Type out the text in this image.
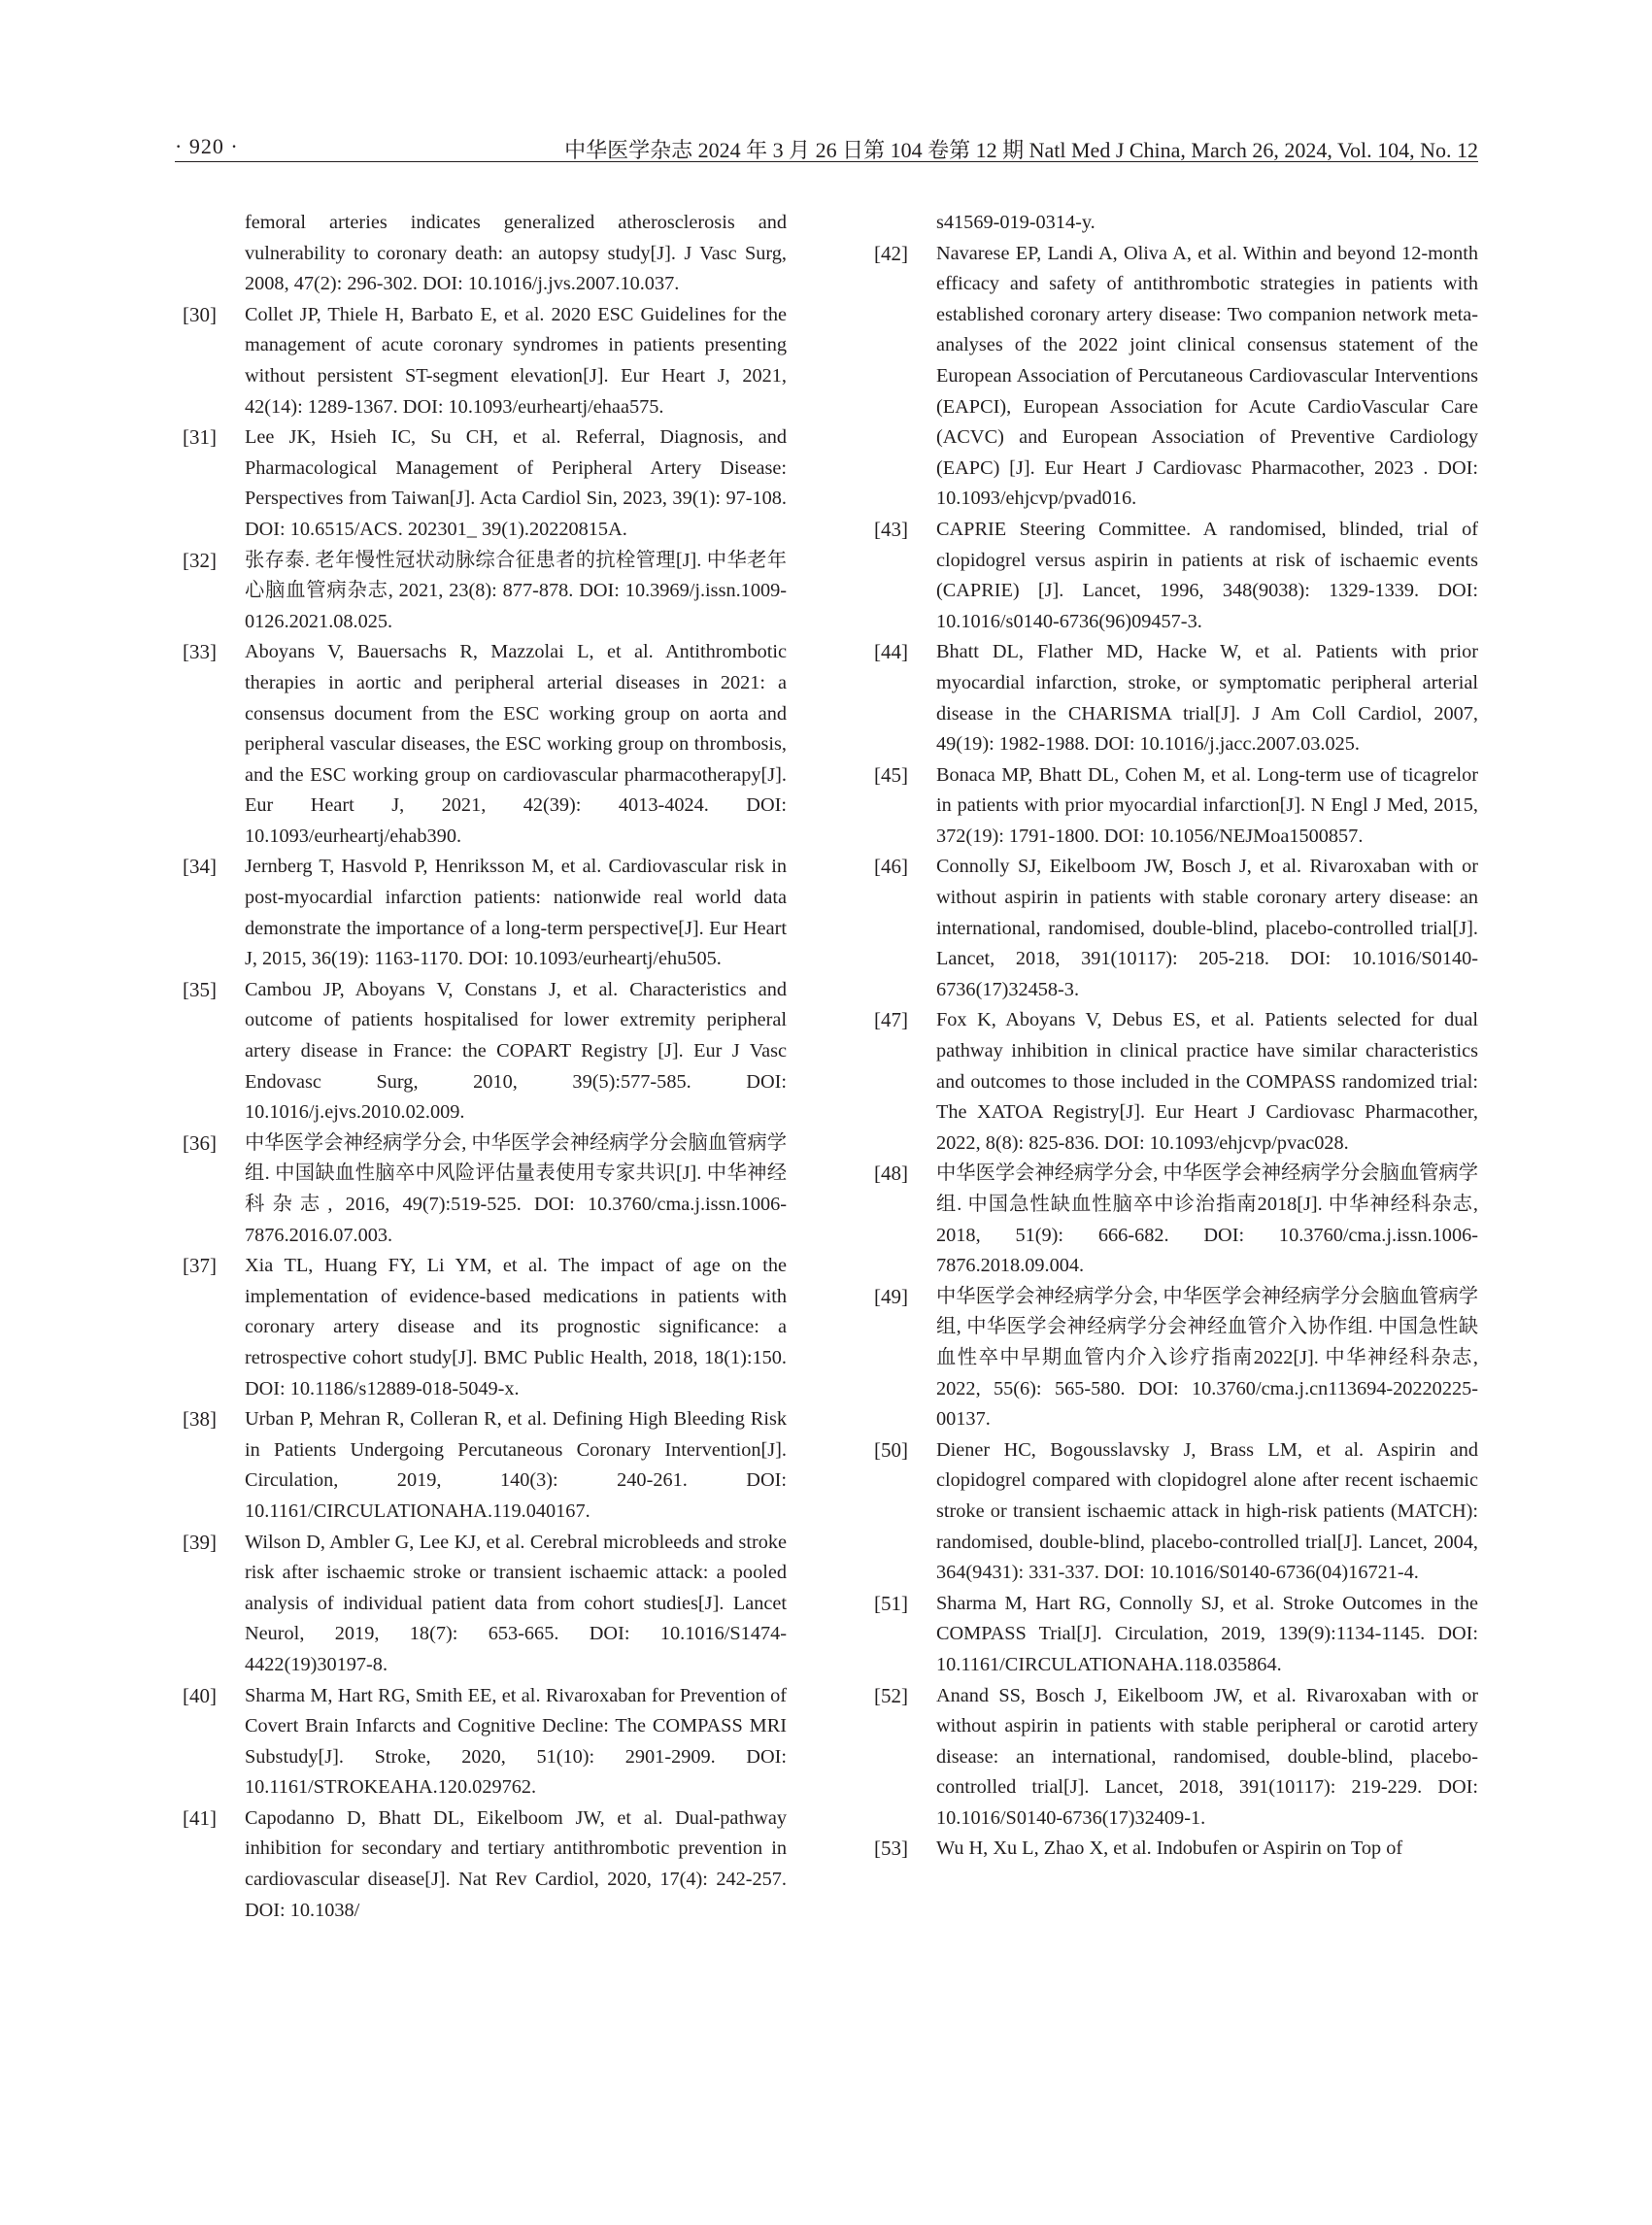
· 920 ·	中华医学杂志 2024 年 3 月 26 日第 104 卷第 12 期 Natl Med J China, March 26, 2024, Vol. 104, No. 12
femoral arteries indicates generalized atherosclerosis and vulnerability to coronary death: an autopsy study[J]. J Vasc Surg, 2008, 47(2): 296-302. DOI: 10.1016/j.jvs.2007.10.037.
[30] Collet JP, Thiele H, Barbato E, et al. 2020 ESC Guidelines for the management of acute coronary syndromes in patients presenting without persistent ST-segment elevation[J]. Eur Heart J, 2021, 42(14): 1289-1367. DOI: 10.1093/eurheartj/ehaa575.
[31] Lee JK, Hsieh IC, Su CH, et al. Referral, Diagnosis, and Pharmacological Management of Peripheral Artery Disease: Perspectives from Taiwan[J]. Acta Cardiol Sin, 2023, 39(1): 97-108. DOI: 10.6515/ACS. 202301_ 39(1).20220815A.
[32] 张存泰. 老年慢性冠状动脉综合征患者的抗栓管理[J]. 中华老年心脑血管病杂志, 2021, 23(8): 877-878. DOI: 10.3969/j.issn.1009-0126.2021.08.025.
[33] Aboyans V, Bauersachs R, Mazzolai L, et al. Antithrombotic therapies in aortic and peripheral arterial diseases in 2021: a consensus document from the ESC working group on aorta and peripheral vascular diseases, the ESC working group on thrombosis, and the ESC working group on cardiovascular pharmacotherapy[J]. Eur Heart J, 2021, 42(39): 4013-4024. DOI: 10.1093/eurheartj/ehab390.
[34] Jernberg T, Hasvold P, Henriksson M, et al. Cardiovascular risk in post-myocardial infarction patients: nationwide real world data demonstrate the importance of a long-term perspective[J]. Eur Heart J, 2015, 36(19): 1163-1170. DOI: 10.1093/eurheartj/ehu505.
[35] Cambou JP, Aboyans V, Constans J, et al. Characteristics and outcome of patients hospitalised for lower extremity peripheral artery disease in France: the COPART Registry [J]. Eur J Vasc Endovasc Surg, 2010, 39(5):577-585. DOI: 10.1016/j.ejvs.2010.02.009.
[36] 中华医学会神经病学分会, 中华医学会神经病学分会脑血管病学组. 中国缺血性脑卒中风险评估量表使用专家共识[J]. 中华神经科杂志, 2016, 49(7):519-525. DOI: 10.3760/cma.j.issn.1006-7876.2016.07.003.
[37] Xia TL, Huang FY, Li YM, et al. The impact of age on the implementation of evidence-based medications in patients with coronary artery disease and its prognostic significance: a retrospective cohort study[J]. BMC Public Health, 2018, 18(1):150. DOI: 10.1186/s12889-018-5049-x.
[38] Urban P, Mehran R, Colleran R, et al. Defining High Bleeding Risk in Patients Undergoing Percutaneous Coronary Intervention[J]. Circulation, 2019, 140(3): 240-261. DOI: 10.1161/CIRCULATIONAHA.119.040167.
[39] Wilson D, Ambler G, Lee KJ, et al. Cerebral microbleeds and stroke risk after ischaemic stroke or transient ischaemic attack: a pooled analysis of individual patient data from cohort studies[J]. Lancet Neurol, 2019, 18(7): 653-665. DOI: 10.1016/S1474-4422(19)30197-8.
[40] Sharma M, Hart RG, Smith EE, et al. Rivaroxaban for Prevention of Covert Brain Infarcts and Cognitive Decline: The COMPASS MRI Substudy[J]. Stroke, 2020, 51(10): 2901-2909. DOI: 10.1161/STROKEAHA.120.029762.
[41] Capodanno D, Bhatt DL, Eikelboom JW, et al. Dual-pathway inhibition for secondary and tertiary antithrombotic prevention in cardiovascular disease[J]. Nat Rev Cardiol, 2020, 17(4): 242-257. DOI: 10.1038/
s41569-019-0314-y.
[42] Navarese EP, Landi A, Oliva A, et al. Within and beyond 12-month efficacy and safety of antithrombotic strategies in patients with established coronary artery disease: Two companion network meta-analyses of the 2022 joint clinical consensus statement of the European Association of Percutaneous Cardiovascular Interventions (EAPCI), European Association for Acute CardioVascular Care (ACVC) and European Association of Preventive Cardiology (EAPC) [J]. Eur Heart J Cardiovasc Pharmacother, 2023 . DOI: 10.1093/ehjcvp/pvad016.
[43] CAPRIE Steering Committee. A randomised, blinded, trial of clopidogrel versus aspirin in patients at risk of ischaemic events (CAPRIE) [J]. Lancet, 1996, 348(9038): 1329-1339. DOI: 10.1016/s0140-6736(96)09457-3.
[44] Bhatt DL, Flather MD, Hacke W, et al. Patients with prior myocardial infarction, stroke, or symptomatic peripheral arterial disease in the CHARISMA trial[J]. J Am Coll Cardiol, 2007, 49(19): 1982-1988. DOI: 10.1016/j.jacc.2007.03.025.
[45] Bonaca MP, Bhatt DL, Cohen M, et al. Long-term use of ticagrelor in patients with prior myocardial infarction[J]. N Engl J Med, 2015, 372(19): 1791-1800. DOI: 10.1056/NEJMoa1500857.
[46] Connolly SJ, Eikelboom JW, Bosch J, et al. Rivaroxaban with or without aspirin in patients with stable coronary artery disease: an international, randomised, double-blind, placebo-controlled trial[J]. Lancet, 2018, 391(10117): 205-218. DOI: 10.1016/S0140-6736(17)32458-3.
[47] Fox K, Aboyans V, Debus ES, et al. Patients selected for dual pathway inhibition in clinical practice have similar characteristics and outcomes to those included in the COMPASS randomized trial: The XATOA Registry[J]. Eur Heart J Cardiovasc Pharmacother, 2022, 8(8): 825-836. DOI: 10.1093/ehjcvp/pvac028.
[48] 中华医学会神经病学分会, 中华医学会神经病学分会脑血管病学组. 中国急性缺血性脑卒中诊治指南2018[J]. 中华神经科杂志, 2018, 51(9): 666-682. DOI: 10.3760/cma.j.issn.1006-7876.2018.09.004.
[49] 中华医学会神经病学分会, 中华医学会神经病学分会脑血管病学组, 中华医学会神经病学分会神经血管介入协作组. 中国急性缺血性卒中早期血管内介入诊疗指南2022[J]. 中华神经科杂志, 2022, 55(6): 565-580. DOI: 10.3760/cma.j.cn113694-20220225-00137.
[50] Diener HC, Bogousslavsky J, Brass LM, et al. Aspirin and clopidogrel compared with clopidogrel alone after recent ischaemic stroke or transient ischaemic attack in high-risk patients (MATCH): randomised, double-blind, placebo-controlled trial[J]. Lancet, 2004, 364(9431): 331-337. DOI: 10.1016/S0140-6736(04)16721-4.
[51] Sharma M, Hart RG, Connolly SJ, et al. Stroke Outcomes in the COMPASS Trial[J]. Circulation, 2019, 139(9):1134-1145. DOI: 10.1161/CIRCULATIONAHA.118.035864.
[52] Anand SS, Bosch J, Eikelboom JW, et al. Rivaroxaban with or without aspirin in patients with stable peripheral or carotid artery disease: an international, randomised, double-blind, placebo-controlled trial[J]. Lancet, 2018, 391(10117): 219-229. DOI: 10.1016/S0140-6736(17)32409-1.
[53] Wu H, Xu L, Zhao X, et al. Indobufen or Aspirin on Top of
